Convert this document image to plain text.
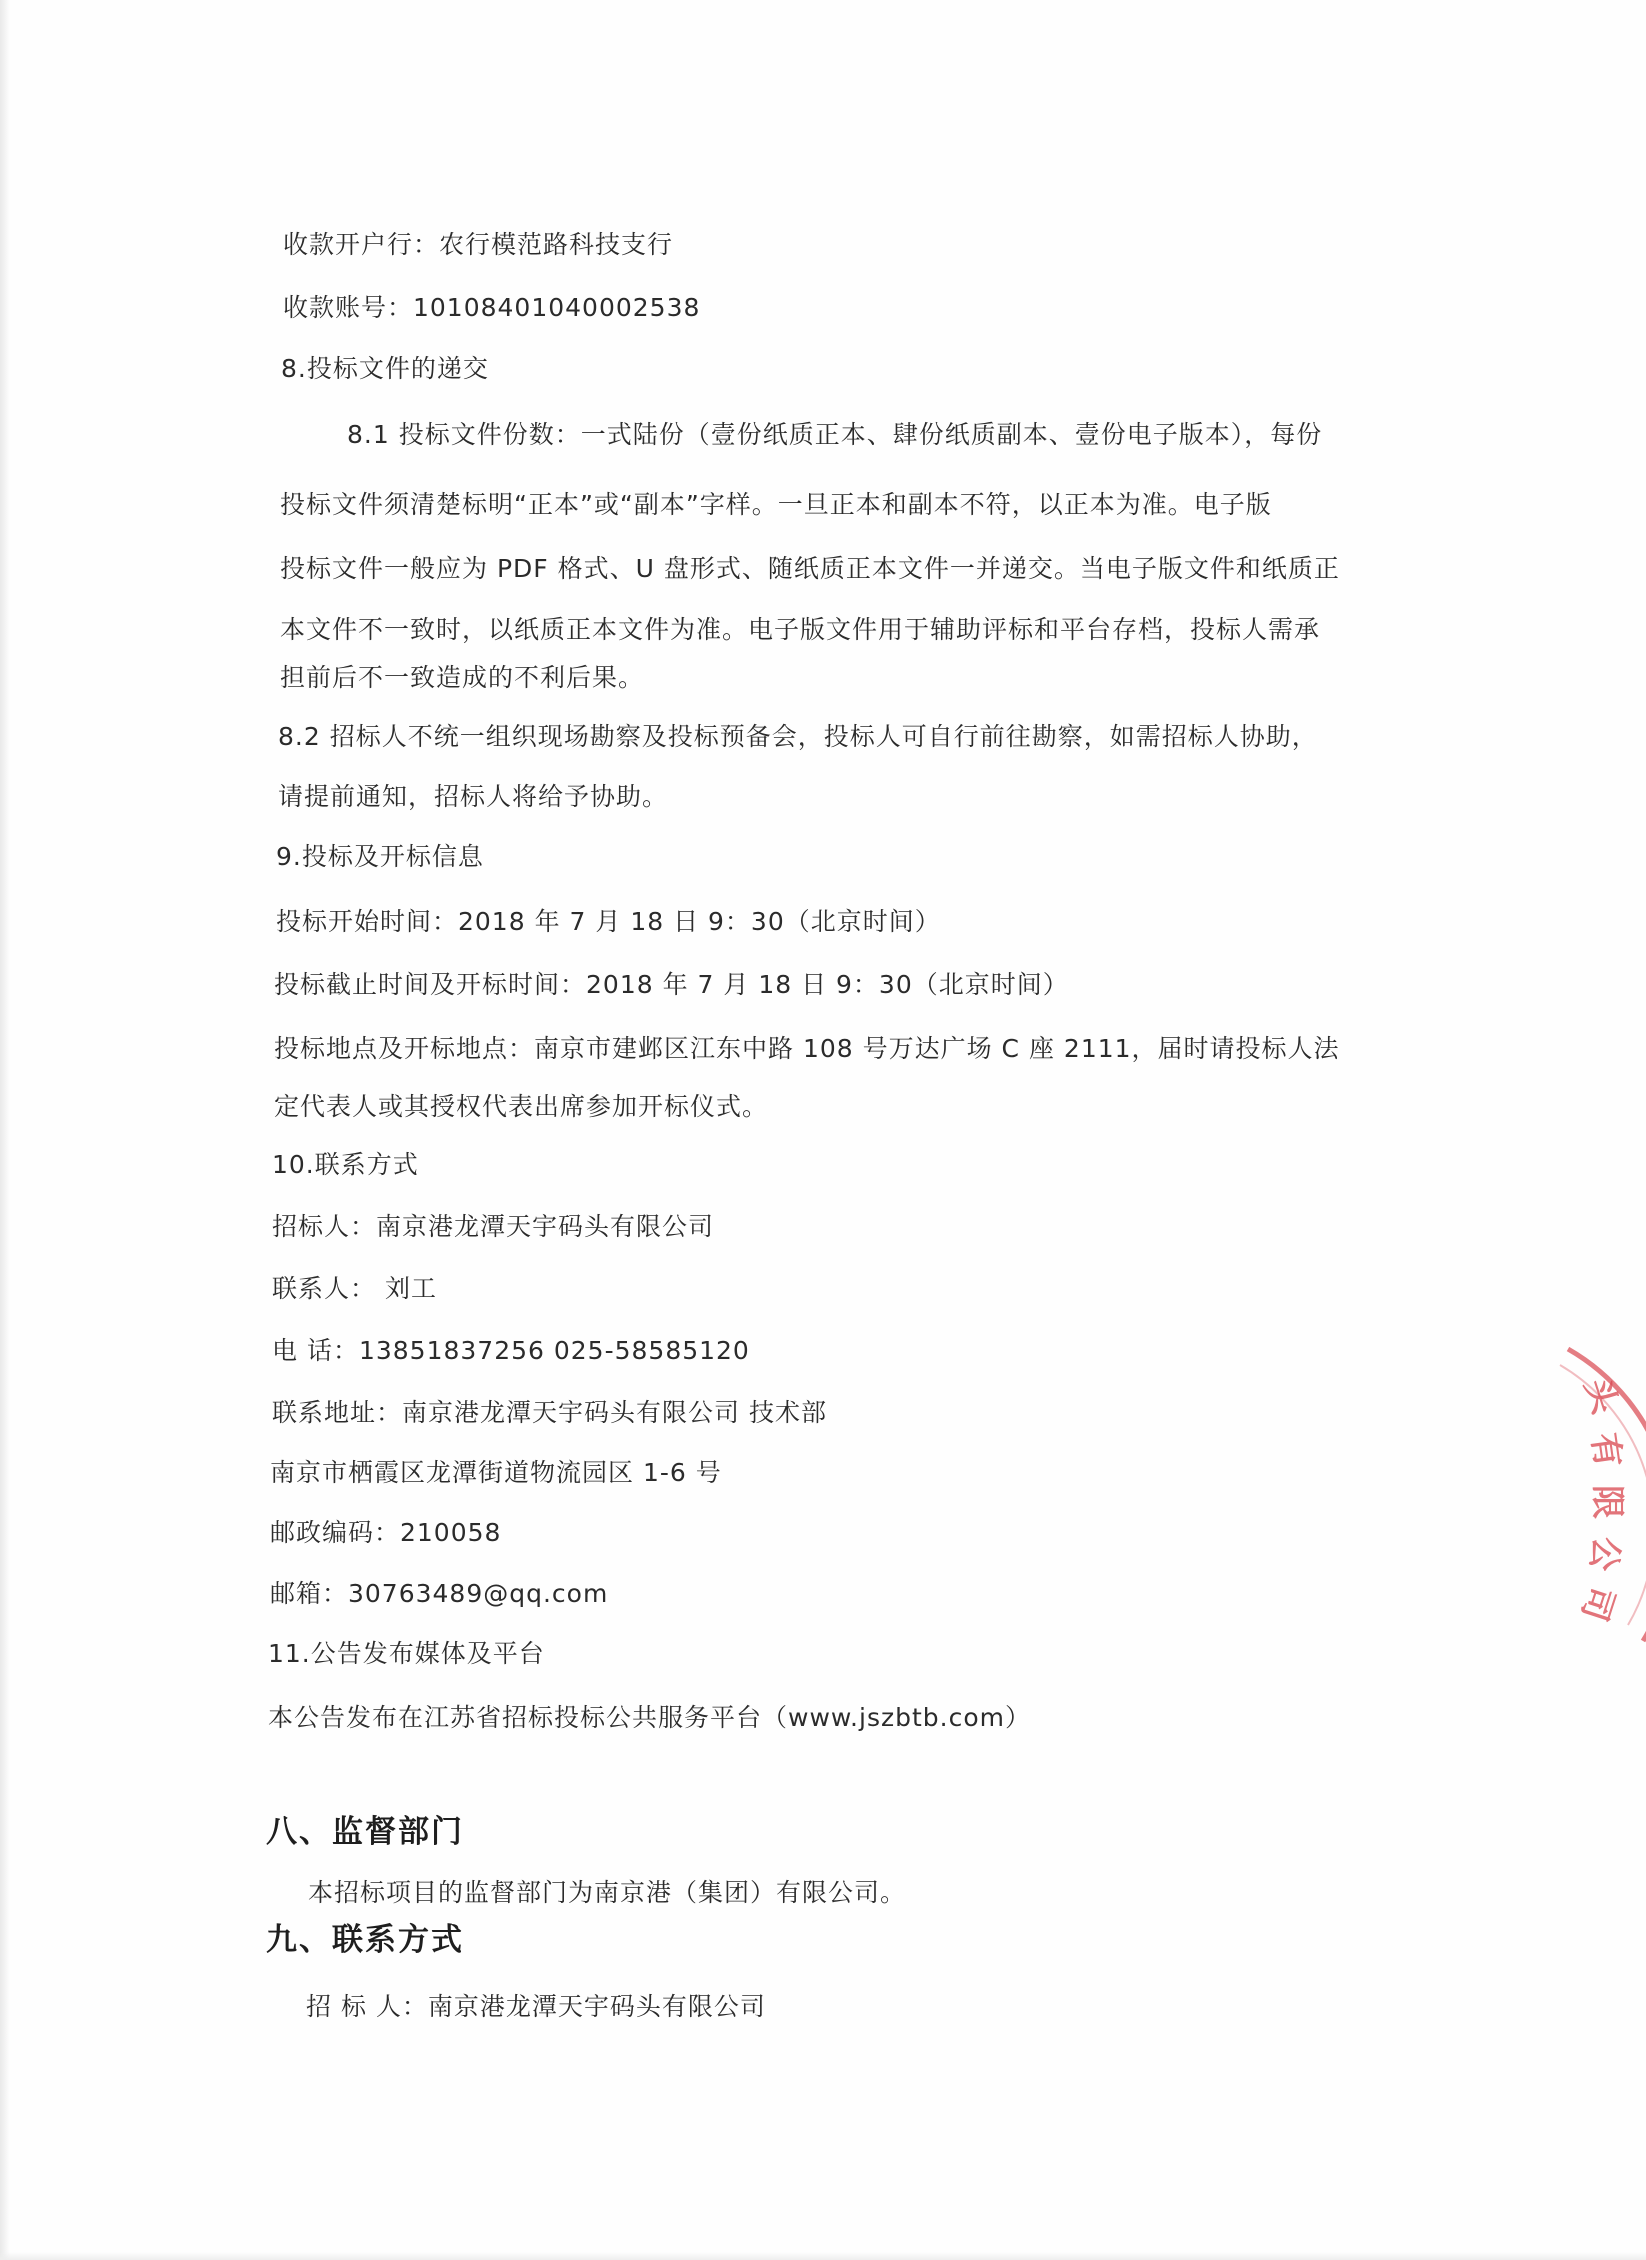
收款开户行：农行模范路科技支行
收款账号：10108401040002538
8.投标文件的递交
8.1 投标文件份数：一式陆份（壹份纸质正本、肆份纸质副本、壹份电子版本），每份
投标文件须清楚标明“正本”或“副本”字样。一旦正本和副本不符，以正本为准。电子版
投标文件一般应为 PDF 格式、U 盘形式、随纸质正本文件一并递交。当电子版文件和纸质正
本文件不一致时，以纸质正本文件为准。电子版文件用于辅助评标和平台存档，投标人需承
担前后不一致造成的不利后果。
8.2 招标人不统一组织现场勘察及投标预备会，投标人可自行前往勘察，如需招标人协助，
请提前通知，招标人将给予协助。
9.投标及开标信息
投标开始时间：2018 年 7 月 18 日 9：30（北京时间）
投标截止时间及开标时间：2018 年 7 月 18 日 9：30（北京时间）
投标地点及开标地点：南京市建邺区江东中路 108 号万达广场 C 座 2111，届时请投标人法
定代表人或其授权代表出席参加开标仪式。
10.联系方式
招标人：南京港龙潭天宇码头有限公司
联系人： 刘工
电 话：13851837256 025-58585120
联系地址：南京港龙潭天宇码头有限公司 技术部
南京市栖霞区龙潭街道物流园区 1-6 号
邮政编码：210058
邮箱：30763489@qq.com
11.公告发布媒体及平台
本公告发布在江苏省招标投标公共服务平台（www.jszbtb.com）
八、监督部门
本招标项目的监督部门为南京港（集团）有限公司。
九、联系方式
招 标 人：南京港龙潭天宇码头有限公司
头
有
限
公
司
